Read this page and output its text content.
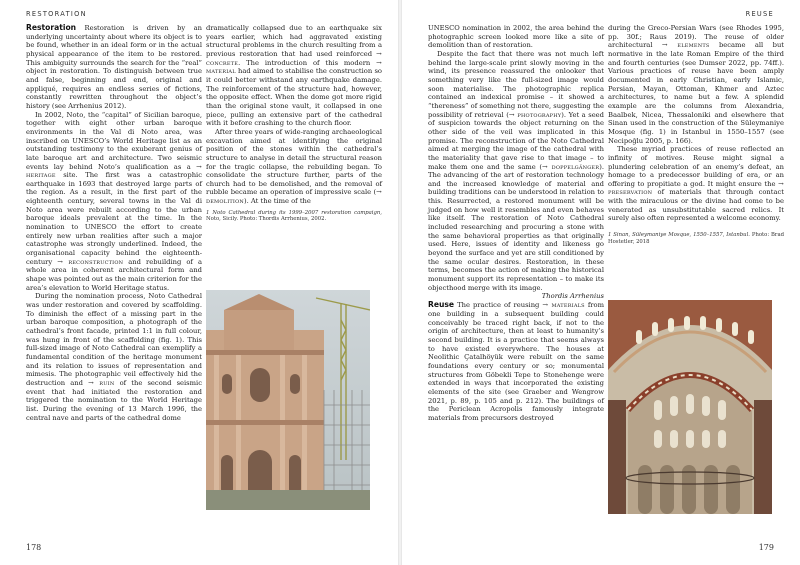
RESTORATION

Restoration Restoration is driven by an underlying uncertainty about where its object is to be found, whether in an ideal form or in the actual physical appearance of the item to be restored. This ambiguity surrounds the search for the “real” object in restoration. To distinguish between true and false, beginning and end, original and appliqué, requires an endless series of fictions, constantly rewritten throughout the object’s history (see Arrhenius 2012).

In 2002, Noto, the “capital” of Sicilian baroque, together with eight other urban baroque environments in the Val di Noto area, was inscribed on UNESCO’s World Heritage list as an outstanding testimony to the exuberant genius of late baroque art and architecture. Two seismic events lay behind Noto’s qualification as a → heritage site. The first was a catastrophic earthquake in 1693 that destroyed large parts of the region. As a result, in the first part of the eighteenth century, several towns in the Val di Noto area were rebuilt according to the urban baroque ideals prevalent at the time. In the nomination to UNESCO the effort to create entirely new urban realities after such a major catastrophe was strongly underlined. Indeed, the organisational capacity behind the eighteenth-century → reconstruction and rebuilding of a whole area in coherent architectural form and shape was pointed out as the main criterion for the area’s elevation to World Heritage status.

During the nomination process, Noto Cathedral was under restoration and covered by scaffolding. To diminish the effect of a missing part in the urban baroque composition, a photograph of the cathedral’s front facade, printed 1:1 in full colour, was hung in front of the scaffolding (fig. 1). This full-sized image of Noto Cathedral can exemplify a fundamental condition of the heritage monument and its relation to issues of representation and mimesis. The photographic veil effectively hid the destruction and → ruin of the second seismic event that had initiated the restoration and triggered the nomination to the World Heritage list. During the evening of 13 March 1996, the central nave and parts of the cathedral dome

dramatically collapsed due to an earthquake six years earlier, which had aggravated existing structural problems in the church resulting from a previous restoration that had used reinforced → concrete. The introduction of this modern → material had aimed to stabilise the construction so it could better withstand any earthquake damage. The reinforcement of the structure had, however, the opposite effect. When the dome got more rigid than the original stone vault, it collapsed in one piece, pulling an extensive part of the cathedral with it before crashing to the church floor.

After three years of wide-ranging archaeological excavation aimed at identifying the original position of the stones within the cathedral’s structure to analyse in detail the structural reason for the tragic collapse, the rebuilding began. To consolidate the structure further, parts of the church had to be demolished, and the removal of rubble became an operation of impressive scale (→ demolition). At the time of the

1 Noto Cathedral during its 1999–2007 restoration campaign, Noto, Sicily. Photo: Thordis Arrhenius, 2002.
178
REUSE

UNESCO nomination in 2002, the area behind the photographic screen looked more like a site of demolition than of restoration.

Despite the fact that there was not much left behind the large-scale print slowly moving in the wind, its presence reassured the onlooker that something very like the full-sized image would soon materialise. The photographic replica contained an indexical promise – it showed a “thereness” of something not there, suggesting the possibility of retrieval (→ photography). Yet a seed of suspicion towards the object returning on the other side of the veil was implicated in this promise. The reconstruction of the Noto Cathedral aimed at merging the image of the cathedral with the materiality that gave rise to that image – to make them one and the same (→ doppelgänger). The advancing of the art of restoration technology and the increased knowledge of material and building traditions can be understood in relation to this. Resurrected, a restored monument will be judged on how well it resembles and even behaves like itself. The restoration of Noto Cathedral included researching and procuring a stone with the same behavioral properties as that originally used. Here, issues of identity and likeness go beyond the surface and yet are still conditioned by the same ocular desires. Restoration, in these terms, becomes the action of making the historical monument support its representation – to make its objecthood merge with its image.
Thordis Arrhenius

Reuse The practice of reusing → materials from one building in a subsequent building could conceivably be traced right back, if not to the origin of architecture, then at least to humanity’s second building. It is a practice that seems always to have existed everywhere. The houses at Neolithic Çatalhöyük were rebuilt on the same foundations every century or so; monumental structures from Göbekli Tepe to Stonehenge were extended in ways that incorporated the existing elements of the site (see Graeber and Wengrow 2021, p. 89, p. 105 and p. 212). The buildings of the Periclean Acropolis famously integrate materials from precursors destroyed

during the Greco-Persian Wars (see Rhodes 1995, pp. 30f.; Raus 2019). The reuse of older architectural → elements became all but normative in the late Roman Empire of the third and fourth centuries (see Dumser 2022, pp. 74ff.). Various practices of reuse have been amply documented in early Christian, early Islamic, Persian, Mayan, Ottoman, Khmer and Aztec architectures, to name but a few. A splendid example are the columns from Alexandria, Baalbek, Nicea, Thessaloniki and elsewhere that Sinan used in the construction of the Süleymaniye Mosque (fig. 1) in Istanbul in 1550–1557 (see Necipoğlu 2005, p. 166).

These myriad practices of reuse reflected an infinity of motives. Reuse might signal a plundering celebration of an enemy’s defeat, an homage to a predecessor building of era, or an offering to propitiate a god. It might ensure the → preservation of materials that through contact with the miraculous or the divine had come to be venerated as unsubstitutable sacred relics. It surely also often represented a welcome economy.

1 Sinan, Süleymaniye Mosque, 1550–1557, Istanbul. Photo: Brad Hostetler, 2018
179
